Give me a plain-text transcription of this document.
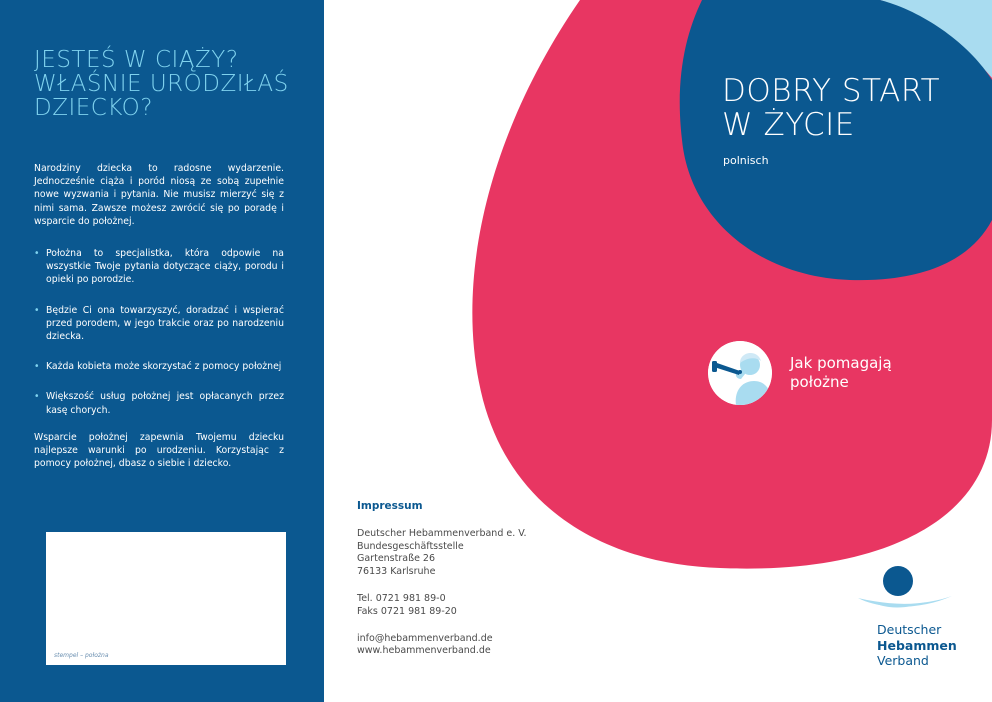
JESTEŚ W CIĄŻY?
WŁAŚNIE URODZIŁAŚ
DZIECKO?
Narodziny dziecka to radosne wydarzenie. Jednocześnie ciąża i poród niosą ze sobą zupełnie nowe wyzwania i pytania. Nie musisz mierzyć się z nimi sama. Zawsze możesz zwrócić się po poradę i wsparcie do położnej.
• Położna to specjalistka, która odpowie na wszystkie Twoje pytania dotyczące ciąży, porodu i opieki po porodzie.
• Będzie Ci ona towarzyszyć, doradzać i wspierać przed porodem, w jego trakcie oraz po narodzeniu dziecka.
• Każda kobieta może skorzystać z pomocy położnej
• Większość usług położnej jest opłacanych przez kasę chorych.
Wsparcie położnej zapewnia Twojemu dziecku najlepsze warunki po urodzeniu. Korzystając z pomocy położnej, dbasz o siebie i dziecko.
stempel – położna
DOBRY START
W ŻYCIE
polnisch
Jak pomagają
położne
Impressum
Deutscher Hebammenverband e. V.
Bundesgeschäftsstelle
Gartenstraße 26
76133 Karlsruhe
Tel. 0721 981 89-0
Faks 0721 981 89-20
info@hebammenverband.de
www.hebammenverband.de
Deutscher
Hebammen
Verband
